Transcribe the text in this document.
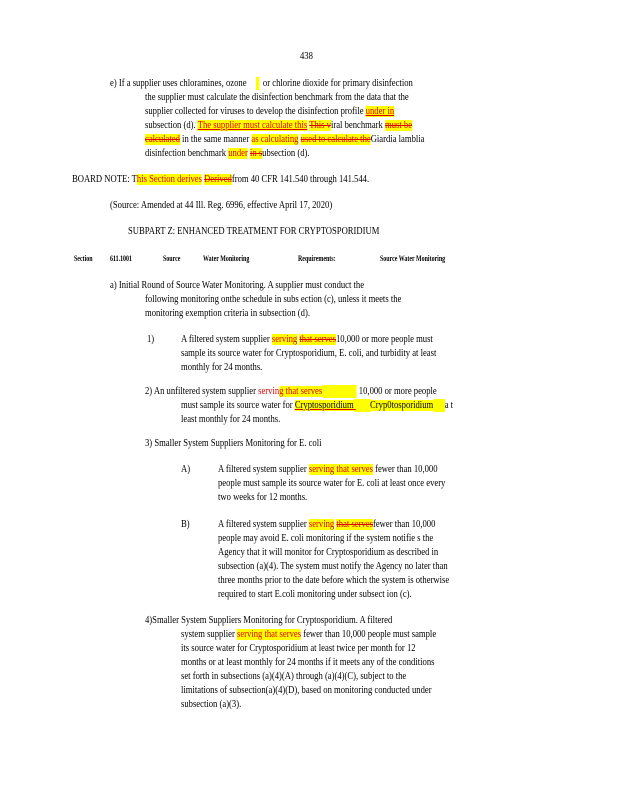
438
e) If a supplier uses chloramines, ozone or chlorine dioxide for primary disinfection
the supplier must calculate the disinfection benchmark from the data that the
supplier collected for viruses to develop the disinfection profile under in
subsection (d). The supplier must calculate this This viral benchmark must be
calculated in the same manner as calculating used to calculate theGiardia lamblia
disinfection benchmark under in subsection (d).
BOARD NOTE: This Section derives Derivedfrom 40 CFR 141.540 through 141.544.
(Source: Amended at 44 Ill. Reg. 6996, effective April 17, 2020)
SUBPART Z: ENHANCED TREATMENT FOR CRYPTOSPORIDIUM
Section 611.1001	Source	Water Monitoring	Requirements:	Source Water Monitoring
a) Initial Round of Source Water Monitoring. A supplier must conduct the
following monitoring onthe schedule in subs ection (c), unless it meets the
monitoring exemption criteria in subsection (d).
1)	A filtered system supplier serving that serves10,000 or more people must
sample its source water for Cryptosporidium, E. coli, and turbidity at least
monthly for 24 months.
2) An unfiltered system supplier serving that serves	10,000 or more people
must sample its source water for Cryptosporidium Cryp0tosporidium a t
least monthly for 24 months.
3) Smaller System Suppliers Monitoring for E. coli
A)	A filtered system supplier serving that serves fewer than 10,000
people must sample its source water for E. coli at least once every
two weeks for 12 months.
B)	A filtered system supplier serving that servesfewer than 10,000
people may avoid E. coli monitoring if the system notifie s the
Agency that it will monitor for Cryptosporidium as described in
subsection (a)(4). The system must notify the Agency no later than
three months prior to the date before which the system is otherwise
required to start E.coli monitoring under subsect ion (c).
4)Smaller System Suppliers Monitoring for Cryptosporidium. A filtered
system supplier serving that serves fewer than 10,000 people must sample
its source water for Cryptosporidium at least twice per month for 12
months or at least monthly for 24 months if it meets any of the conditions
set forth in subsections (a)(4)(A) through (a)(4)(C), subject to the
limitations of subsection(a)(4)(D), based on monitoring conducted under
subsection (a)(3).
